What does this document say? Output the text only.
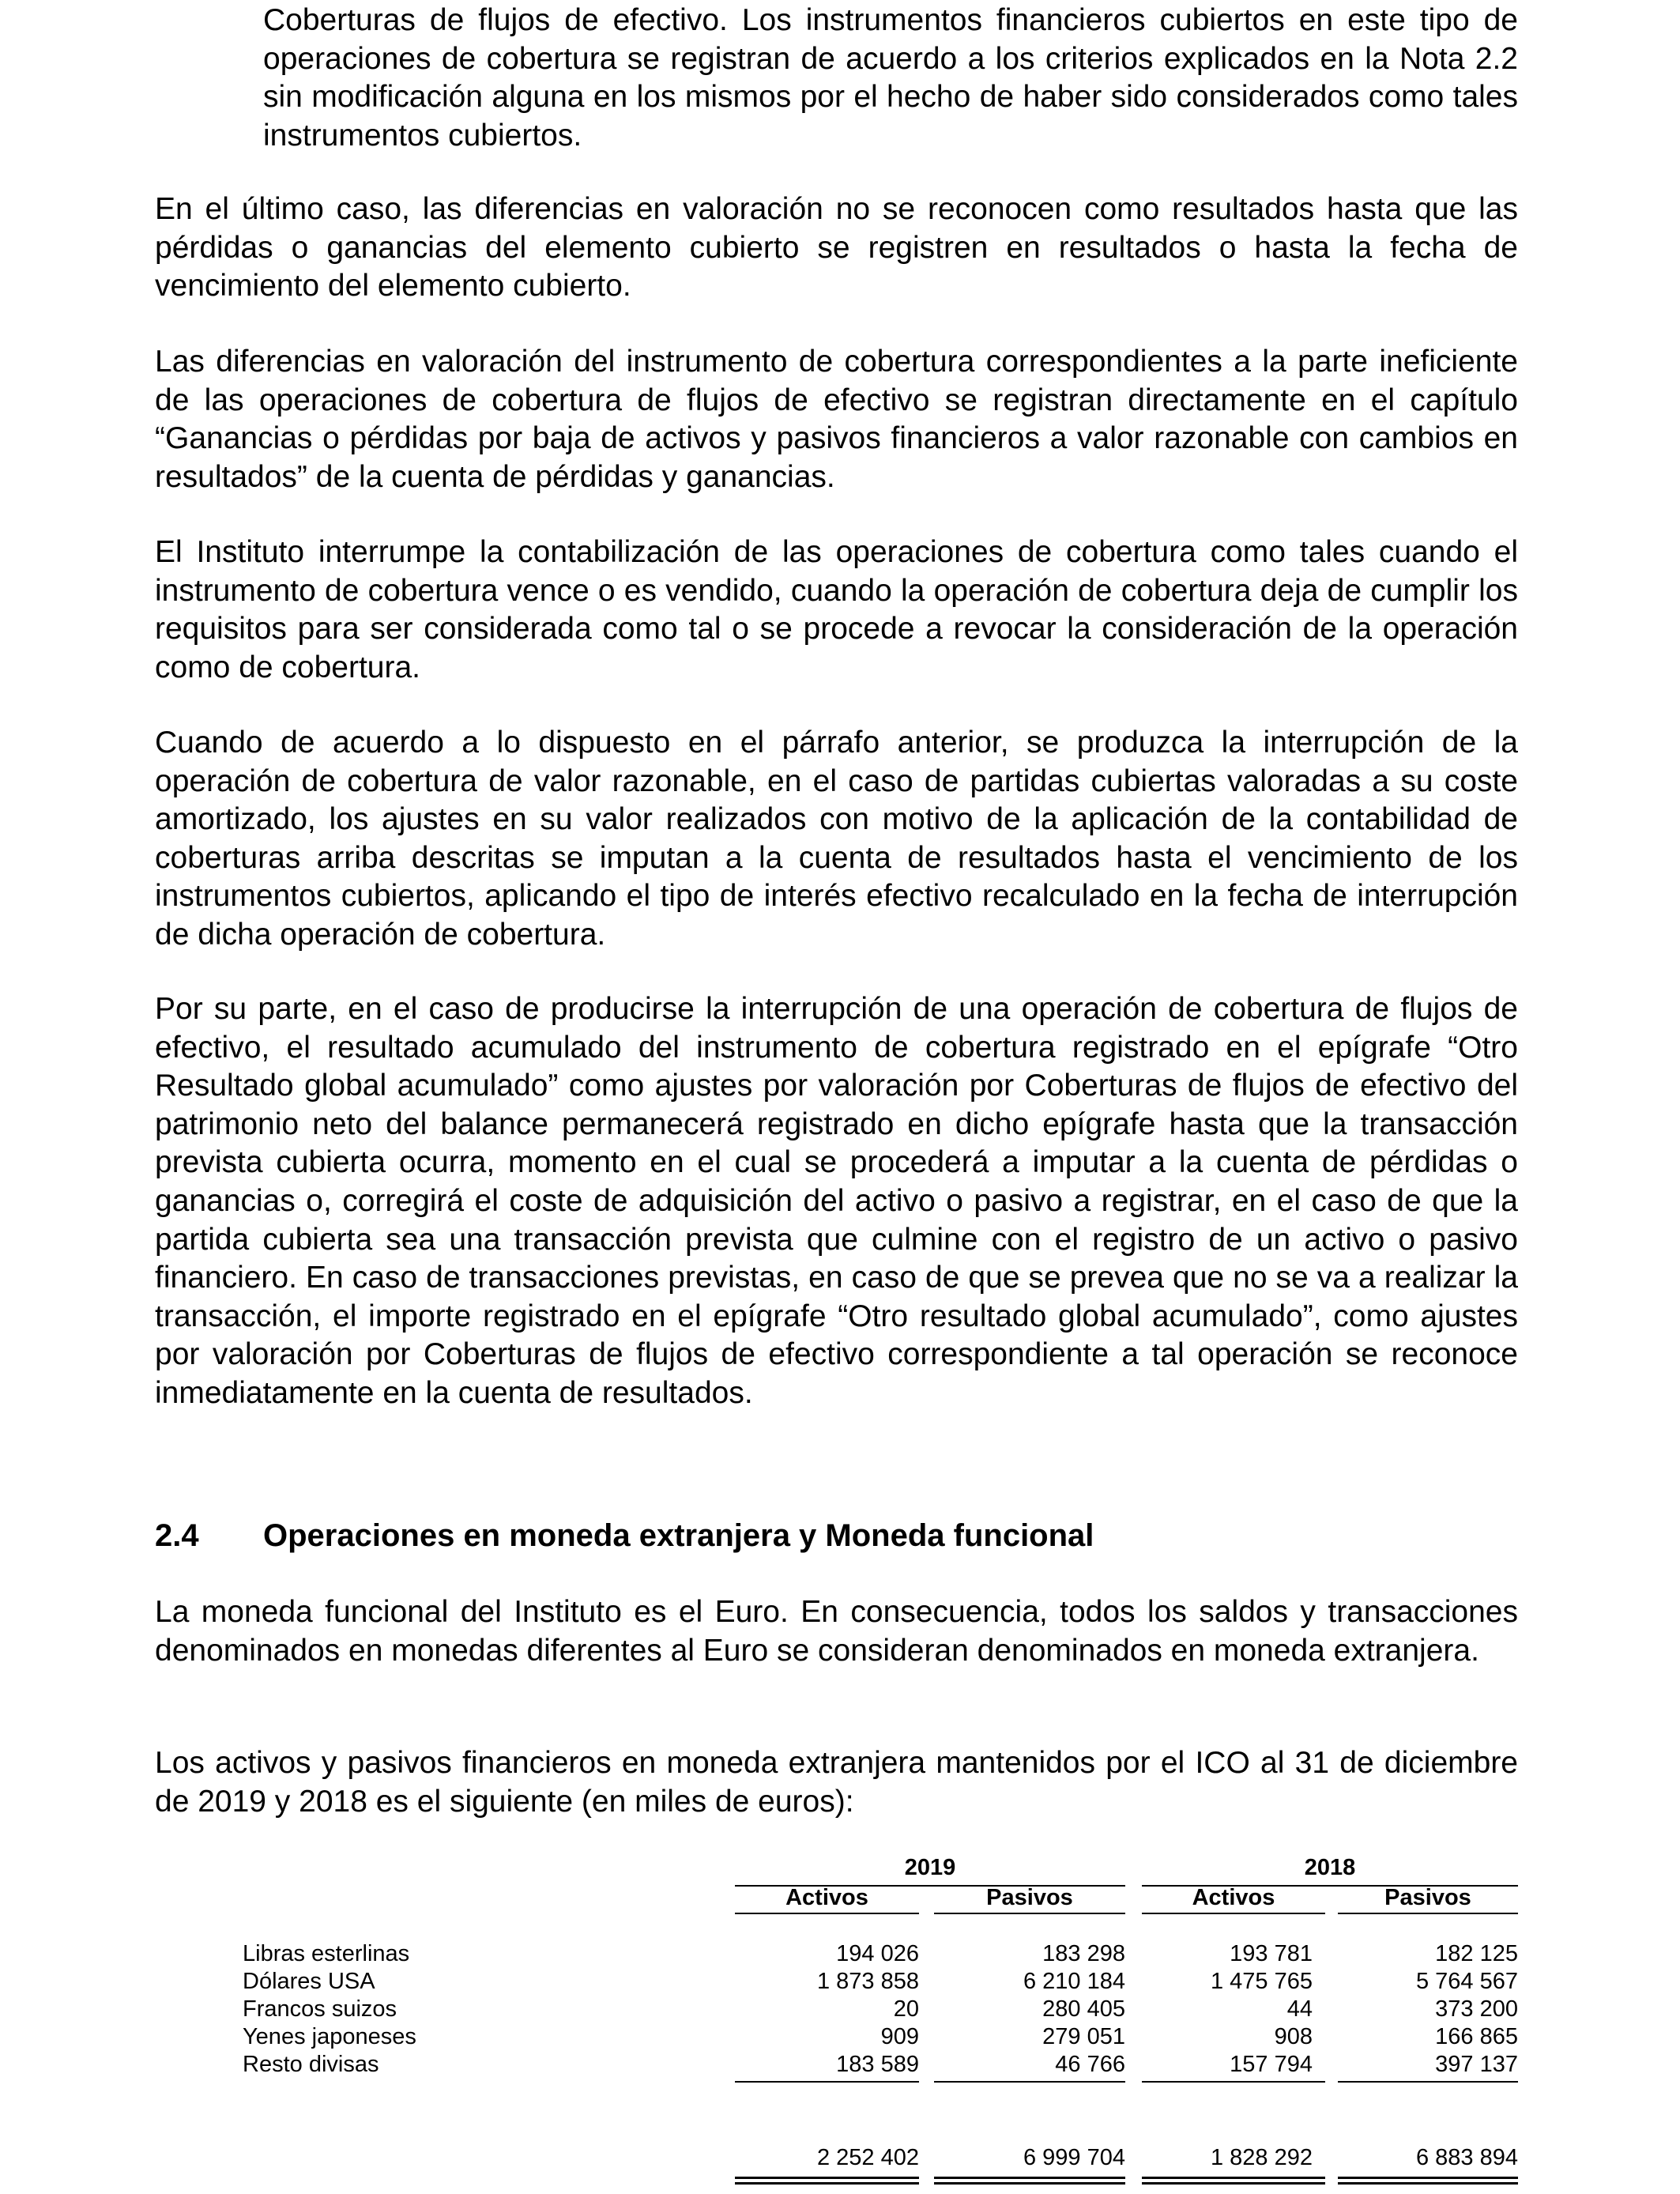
Coberturas de flujos de efectivo. Los instrumentos financieros cubiertos en este tipo de operaciones de cobertura se registran de acuerdo a los criterios explicados en la Nota 2.2 sin modificación alguna en los mismos por el hecho de haber sido considerados como tales instrumentos cubiertos.

En el último caso, las diferencias en valoración no se reconocen como resultados hasta que las pérdidas o ganancias del elemento cubierto se registren en resultados o hasta la fecha de vencimiento del elemento cubierto.

Las diferencias en valoración del instrumento de cobertura correspondientes a la parte ineficiente de las operaciones de cobertura de flujos de efectivo se registran directamente en el capítulo “Ganancias o pérdidas por baja de activos y pasivos financieros a valor razonable con cambios en resultados” de la cuenta de pérdidas y ganancias.

El Instituto interrumpe la contabilización de las operaciones de cobertura como tales cuando el instrumento de cobertura vence o es vendido, cuando la operación de cobertura deja de cumplir los requisitos para ser considerada como tal o se procede a revocar la consideración de la operación como de cobertura.

Cuando de acuerdo a lo dispuesto en el párrafo anterior, se produzca la interrupción de la operación de cobertura de valor razonable, en el caso de partidas cubiertas valoradas a su coste amortizado, los ajustes en su valor realizados con motivo de la aplicación de la contabilidad de coberturas arriba descritas se imputan a la cuenta de resultados hasta el vencimiento de los instrumentos cubiertos, aplicando el tipo de interés efectivo recalculado en la fecha de interrupción de dicha operación de cobertura.

Por su parte, en el caso de producirse la interrupción de una operación de cobertura de flujos de efectivo, el resultado acumulado del instrumento de cobertura registrado en el epígrafe “Otro Resultado global acumulado” como ajustes por valoración por Coberturas de flujos de efectivo del patrimonio neto del balance permanecerá registrado en dicho epígrafe hasta que la transacción prevista cubierta ocurra, momento en el cual se procederá a imputar a la cuenta de pérdidas o ganancias o, corregirá el coste de adquisición del activo o pasivo a registrar, en el caso de que la partida cubierta sea una transacción prevista que culmine con el registro de un activo o pasivo financiero. En caso de transacciones previstas, en caso de que se prevea que no se va a realizar la transacción, el importe registrado en el epígrafe “Otro resultado global acumulado”, como ajustes por valoración por Coberturas de flujos de efectivo correspondiente a tal operación se reconoce inmediatamente en la cuenta de resultados.

2.4 Operaciones en moneda extranjera y Moneda funcional

La moneda funcional del Instituto es el Euro. En consecuencia, todos los saldos y transacciones denominados en monedas diferentes al Euro se consideran denominados en moneda extranjera.

Los activos y pasivos financieros en moneda extranjera mantenidos por el ICO al 31 de diciembre de 2019 y 2018 es el siguiente (en miles de euros):

2019	2018
Activos	Pasivos	Activos	Pasivos
Libras esterlinas	194 026	183 298	193 781	182 125
Dólares USA	1 873 858	6 210 184	1 475 765	5 764 567
Francos suizos	20	280 405	44	373 200
Yenes japoneses	909	279 051	908	166 865
Resto divisas	183 589	46 766	157 794	397 137
2 252 402	6 999 704	1 828 292	6 883 894
